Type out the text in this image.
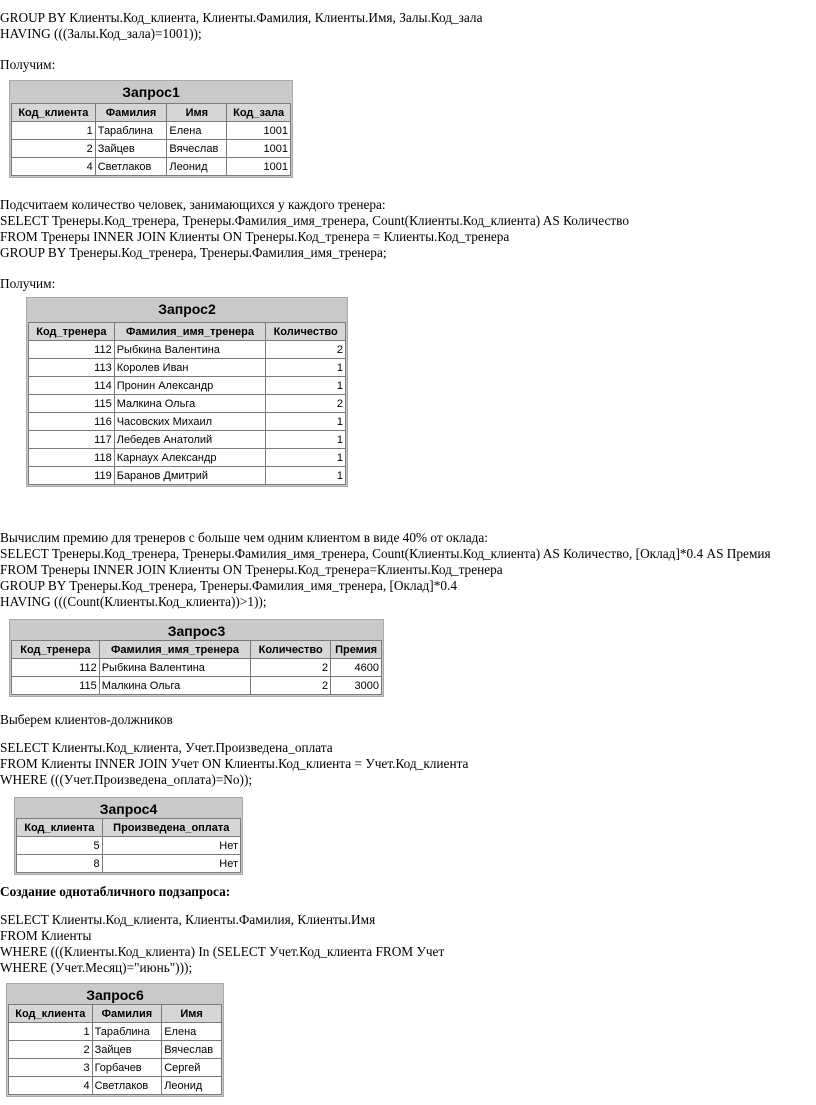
GROUP BY Клиенты.Код_клиента, Клиенты.Фамилия, Клиенты.Имя, Залы.Код_зала
HAVING (((Залы.Код_зала)=1001));
Получим:
Подсчитаем количество человек, занимающихся у каждого тренера:
SELECT Тренеры.Код_тренера, Тренеры.Фамилия_имя_тренера, Count(Клиенты.Код_клиента) AS Количество
FROM Тренеры INNER JOIN Клиенты ON Тренеры.Код_тренера = Клиенты.Код_тренера
GROUP BY Тренеры.Код_тренера, Тренеры.Фамилия_имя_тренера;
Получим:
Вычислим премию для тренеров с больше чем одним клиентом в виде 40% от оклада:
SELECT Тренеры.Код_тренера, Тренеры.Фамилия_имя_тренера, Count(Клиенты.Код_клиента) AS Количество, [Оклад]*0.4 AS Премия
FROM Тренеры INNER JOIN Клиенты ON Тренеры.Код_тренера=Клиенты.Код_тренера
GROUP BY Тренеры.Код_тренера, Тренеры.Фамилия_имя_тренера, [Оклад]*0.4
HAVING (((Count(Клиенты.Код_клиента))>1));
Выберем клиентов-должников
SELECT Клиенты.Код_клиента, Учет.Произведена_оплата
FROM Клиенты INNER JOIN Учет ON Клиенты.Код_клиента = Учет.Код_клиента
WHERE (((Учет.Произведена_оплата)=No));
Создание однотабличного подзапроса:
SELECT Клиенты.Код_клиента, Клиенты.Фамилия, Клиенты.Имя
FROM Клиенты
WHERE (((Клиенты.Код_клиента) In (SELECT Учет.Код_клиента FROM Учет
WHERE (Учет.Месяц)="июнь")));
Запрос1
Код_клиента	Фамилия	Имя	Код_зала
1	Тараблина	Елена	1001
2	Зайцев	Вячеслав	1001
4	Светлаков	Леонид	1001
Запрос2
Код_тренера	Фамилия_имя_тренера	Количество
112	Рыбкина Валентина	2
113	Королев Иван	1
114	Пронин Александр	1
115	Малкина Ольга	2
116	Часовских Михаил	1
117	Лебедев Анатолий	1
118	Карнаух Александр	1
119	Баранов Дмитрий	1
Запрос3
Код_тренера	Фамилия_имя_тренера	Количество	Премия
112	Рыбкина Валентина	2	4600
115	Малкина Ольга	2	3000
Запрос4
Код_клиента	Произведена_оплата
5	Нет
8	Нет
Запрос6
Код_клиента	Фамилия	Имя
1	Тараблина	Елена
2	Зайцев	Вячеслав
3	Горбачев	Сергей
4	Светлаков	Леонид
